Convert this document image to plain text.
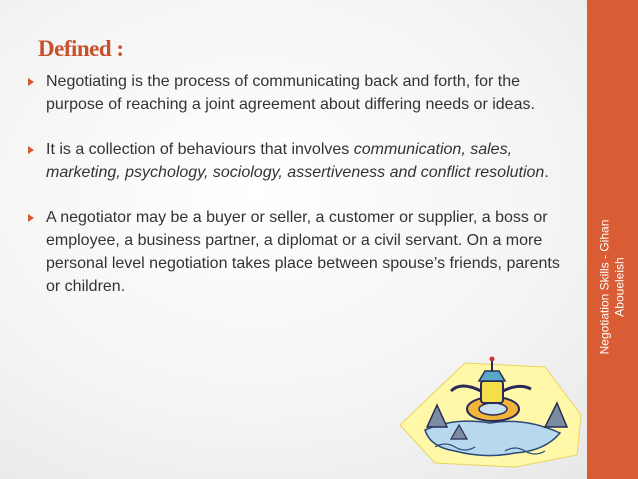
Defined :
Negotiating is the process of communicating back and forth, for the purpose of reaching a joint agreement about differing needs or ideas.
It is a collection of behaviours that involves communication, sales, marketing, psychology, sociology, assertiveness and conflict resolution.
A negotiator may be a buyer or seller, a customer or supplier, a boss or employee, a business partner, a diplomat or a civil servant. On a more personal level negotiation takes place between spouse’s friends, parents or children.	Negotiation Skills - Gihan Aboueleish
